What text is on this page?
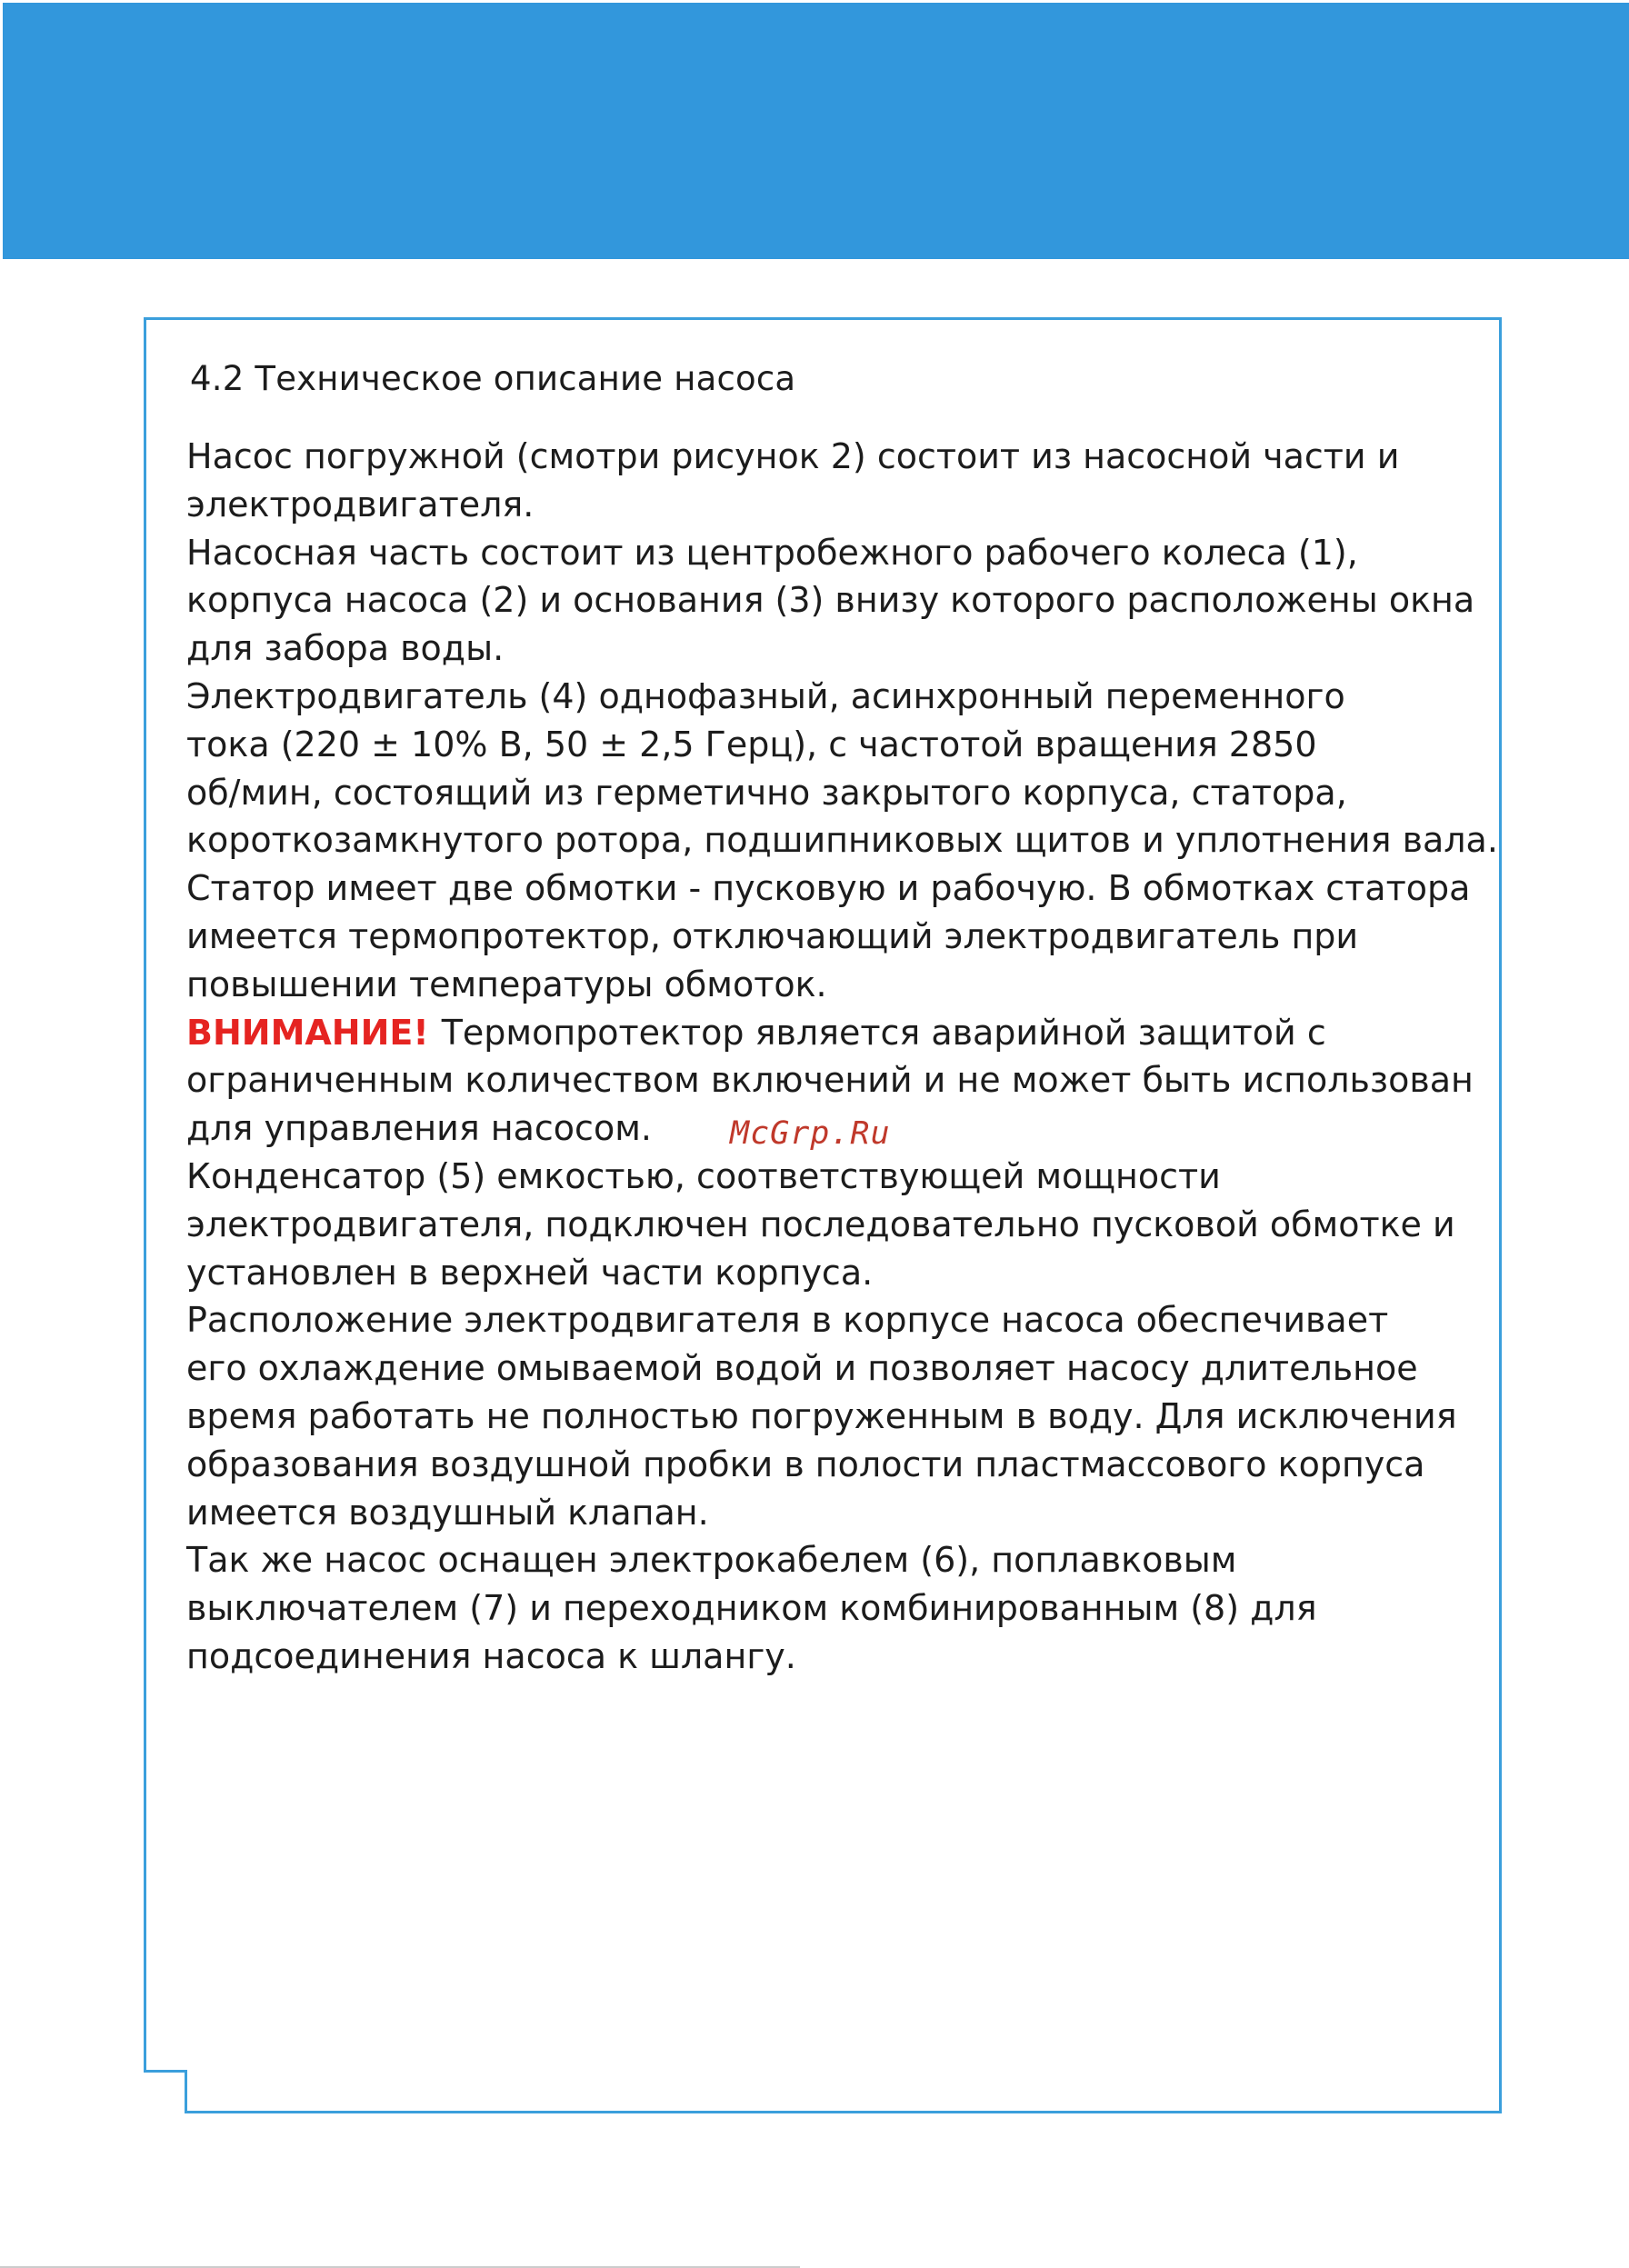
4.2 Техническое описание насоса
Насос погружной (смотри рисунок 2) состоит из насосной части и
электродвигателя.
Насосная часть состоит из центробежного рабочего колеса (1),
корпуса насоса (2) и основания (3) внизу которого расположены окна
для забора воды.
Электродвигатель (4) однофазный, асинхронный переменного
тока (220 ± 10% В, 50 ± 2,5 Герц), с частотой вращения 2850
об/мин, состоящий из герметично закрытого корпуса, статора,
короткозамкнутого ротора, подшипниковых щитов и уплотнения вала.
Статор имеет две обмотки - пусковую и рабочую. В обмотках статора
имеется термопротектор, отключающий электродвигатель при
повышении температуры обмоток.
ВНИМАНИЕ! Термопротектор является аварийной защитой с
ограниченным количеством включений и не может быть использован
для управления насосом.
Конденсатор (5) емкостью, соответствующей мощности
электродвигателя, подключен последовательно пусковой обмотке и
установлен в верхней части корпуса.
Расположение электродвигателя в корпусе насоса обеспечивает
его охлаждение омываемой водой и позволяет насосу длительное
время работать не полностью погруженным в воду. Для исключения
образования воздушной пробки в полости пластмассового корпуса
имеется воздушный клапан.
Так же насос оснащен электрокабелем (6), поплавковым
выключателем (7) и переходником комбинированным (8) для
подсоединения насоса к шлангу.
McGrp.Ru
